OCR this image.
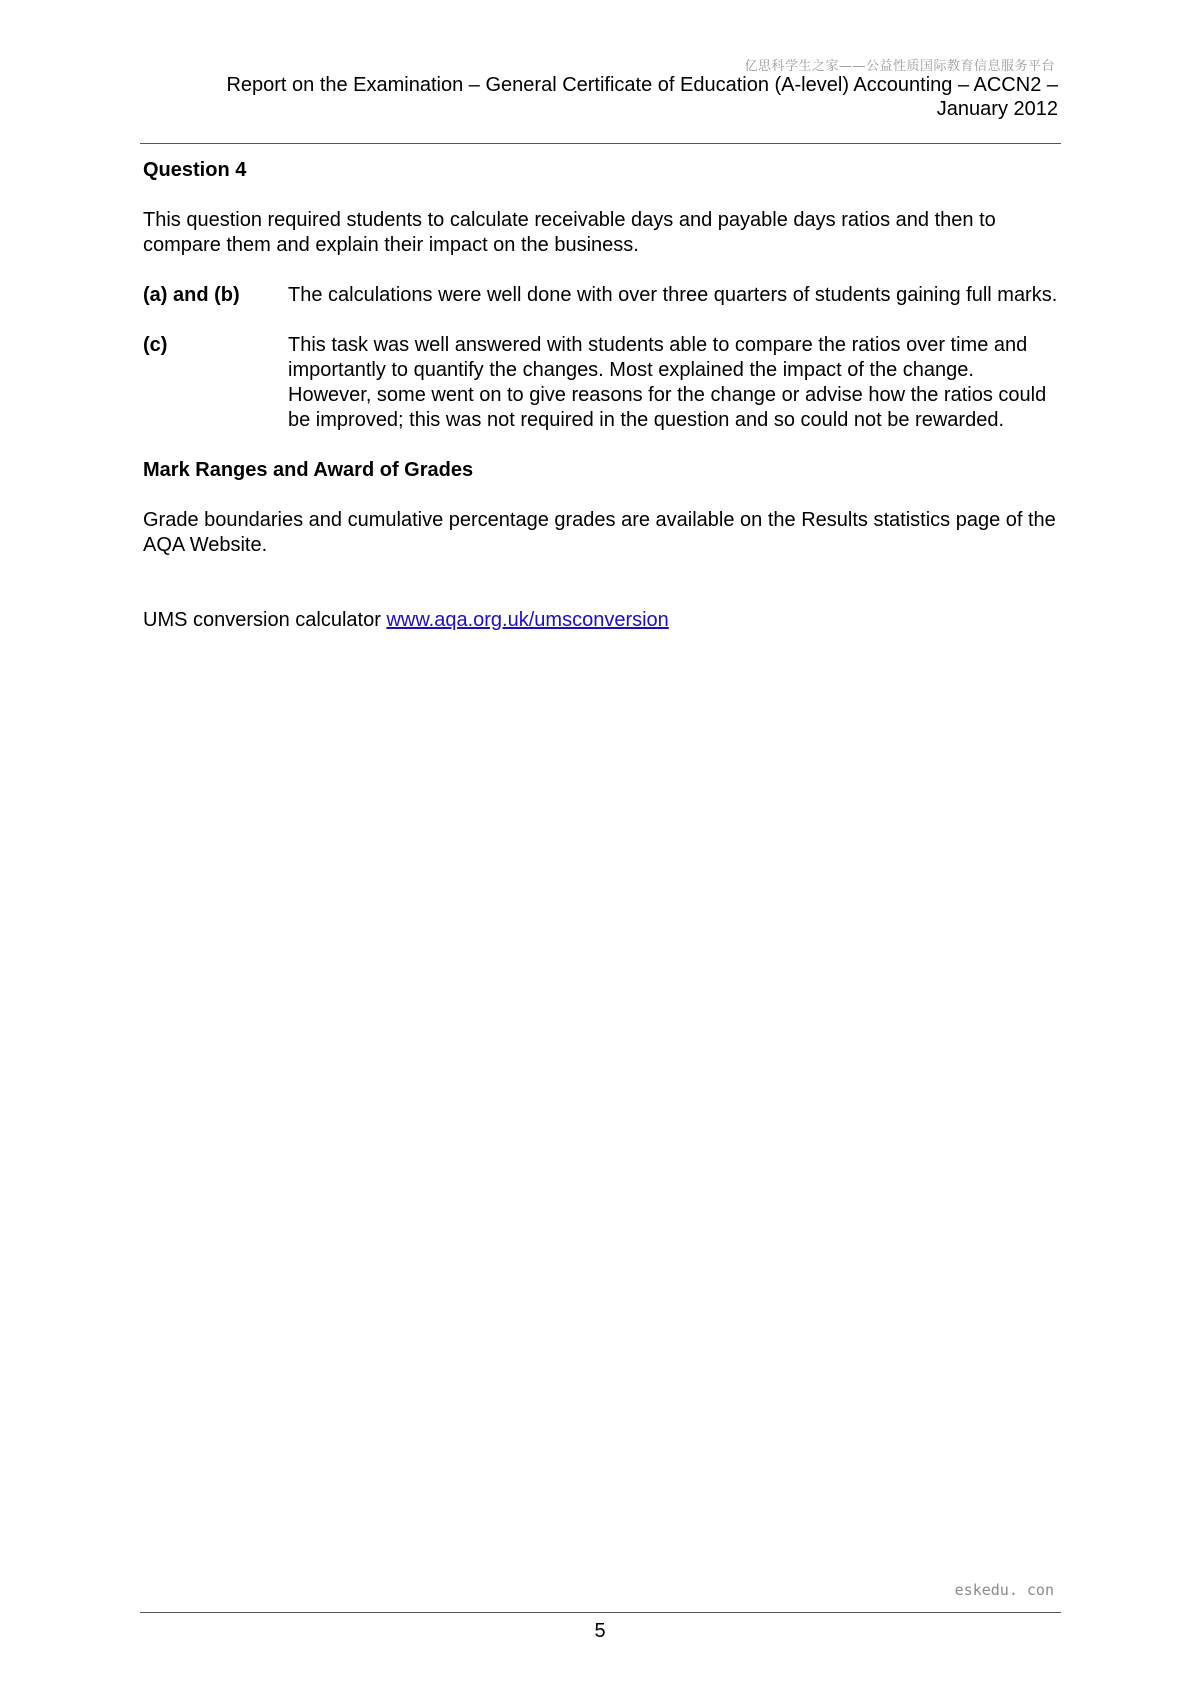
亿思科学生之家——公益性质国际教育信息服务平台
Report on the Examination – General Certificate of Education (A-level) Accounting – ACCN2 –
January 2012
Question 4

This question required students to calculate receivable days and payable days ratios and then to compare them and explain their impact on the business.

(a) and (b)	The calculations were well done with over three quarters of students gaining full marks.
(c)	This task was well answered with students able to compare the ratios over time and importantly to quantify the changes. Most explained the impact of the change. However, some went on to give reasons for the change or advise how the ratios could be improved; this was not required in the question and so could not be rewarded.
Mark Ranges and Award of Grades

Grade boundaries and cumulative percentage grades are available on the Results statistics page of the AQA Website.

UMS conversion calculator www.aqa.org.uk/umsconversion

eskedu. con
5
